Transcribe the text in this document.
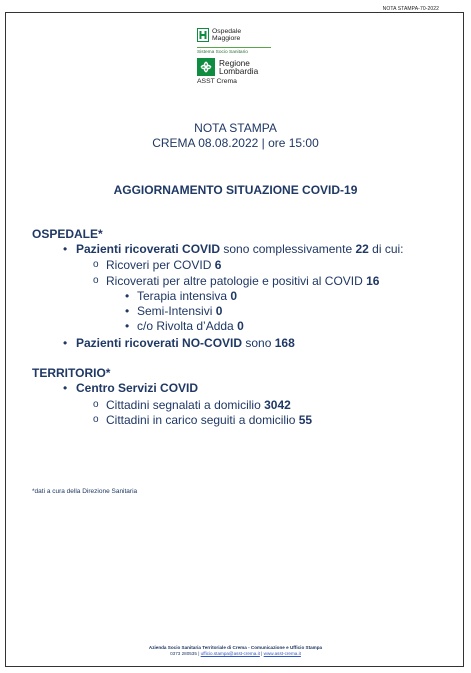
NOTA STAMPA-70-2022
Ospedale
Maggiore
Sistema Socio Sanitario
Regione
Lombardia
ASST Crema
NOTA STAMPA
CREMA 08.08.2022 | ore 15:00
AGGIORNAMENTO SITUAZIONE COVID-19
OSPEDALE*
• Pazienti ricoverati COVID sono complessivamente 22 di cui:
o Ricoveri per COVID 6
o Ricoverati per altre patologie e positivi al COVID 16
• Terapia intensiva 0
• Semi-Intensivi 0
• c/o Rivolta d’Adda 0
• Pazienti ricoverati NO-COVID sono 168
TERRITORIO*
• Centro Servizi COVID
o Cittadini segnalati a domicilio 3042
o Cittadini in carico seguiti a domicilio 55
*dati a cura della Direzione Sanitaria
Azienda Socio Sanitaria Territoriale di Crema - Comunicazione e Ufficio Stampa
0373 280535 | ufficio.stampa@asst-crema.it | www.asst-crema.it
